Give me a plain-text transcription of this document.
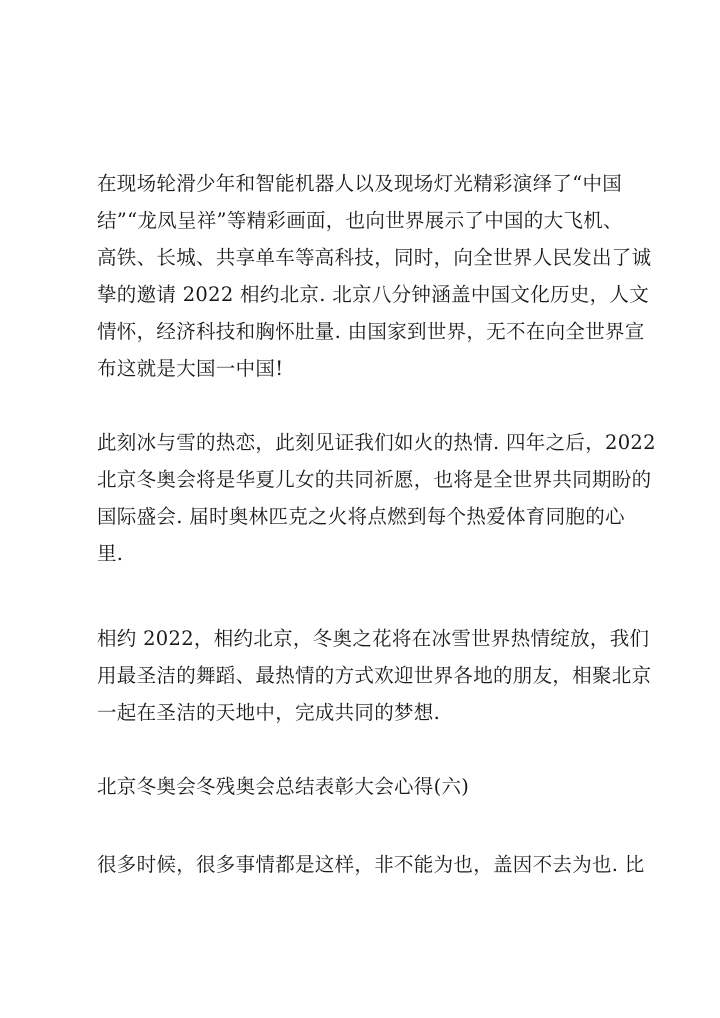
在现场轮滑少年和智能机器人以及现场灯光精彩演绎了“中国
结”“龙凤呈祥”等精彩画面，也向世界展示了中国的大飞机、
高铁、长城、共享单车等高科技，同时，向全世界人民发出了诚
挚的邀请 2022 相约北京. 北京八分钟涵盖中国文化历史，人文
情怀，经济科技和胸怀肚量. 由国家到世界，无不在向全世界宣
布这就是大国一中国!
此刻冰与雪的热恋，此刻见证我们如火的热情. 四年之后，2022
北京冬奥会将是华夏儿女的共同祈愿，也将是全世界共同期盼的
国际盛会. 届时奥林匹克之火将点燃到每个热爱体育同胞的心
里.
相约 2022，相约北京，冬奥之花将在冰雪世界热情绽放，我们
用最圣洁的舞蹈、最热情的方式欢迎世界各地的朋友，相聚北京
一起在圣洁的天地中，完成共同的梦想.
北京冬奥会冬残奥会总结表彰大会心得(六)
很多时候，很多事情都是这样，非不能为也，盖因不去为也. 比
